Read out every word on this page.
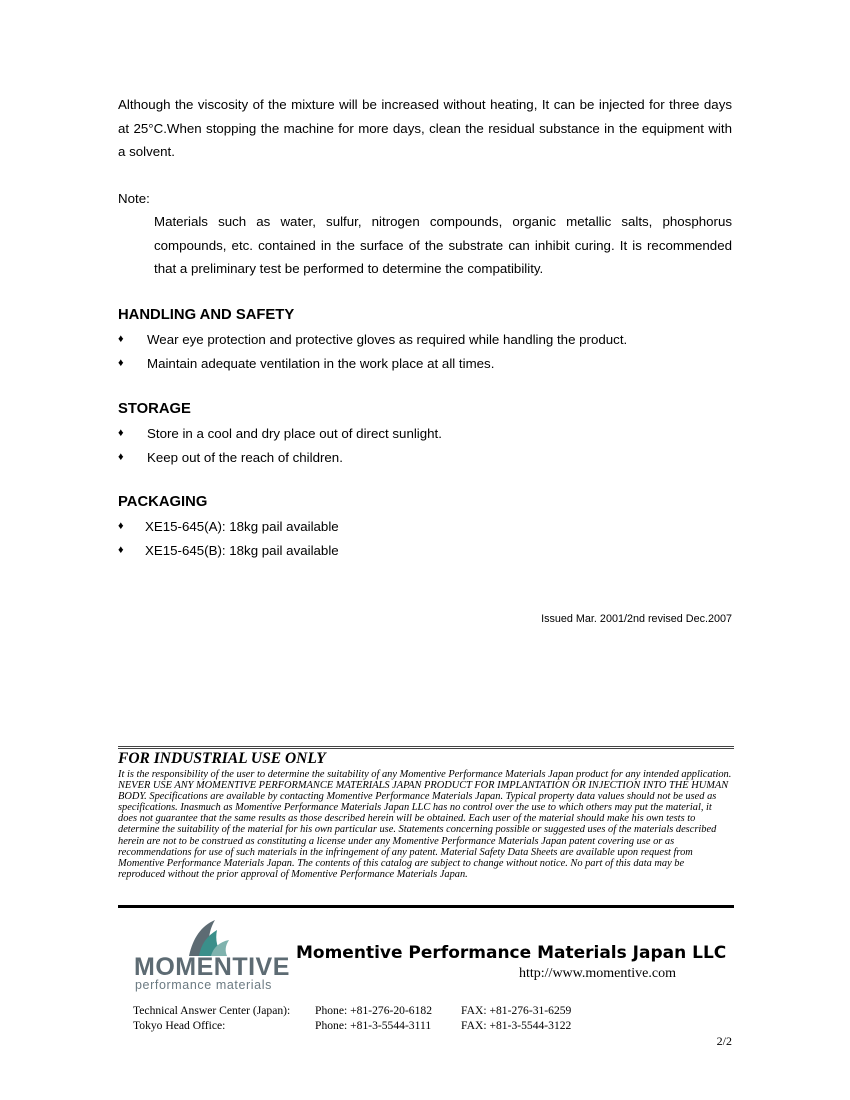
Although the viscosity of the mixture will be increased without heating, It can be injected for three days at 25°C.When stopping the machine for more days, clean the residual substance in the equipment with a solvent.

Note:

Materials such as water, sulfur, nitrogen compounds, organic metallic salts, phosphorus compounds, etc. contained in the surface of the substrate can inhibit curing. It is recommended that a preliminary test be performed to determine the compatibility.

HANDLING AND SAFETY
♦ Wear eye protection and protective gloves as required while handling the product.
♦ Maintain adequate ventilation in the work place at all times.
STORAGE
♦ Store in a cool and dry place out of direct sunlight.
♦ Keep out of the reach of children.
PACKAGING
♦ XE15-645(A): 18kg pail available
♦ XE15-645(B): 18kg pail available
Issued Mar. 2001/2nd revised Dec.2007
FOR INDUSTRIAL USE ONLY
It is the responsibility of the user to determine the suitability of any Momentive Performance Materials Japan product for any intended application. NEVER USE ANY MOMENTIVE PERFORMANCE MATERIALS JAPAN PRODUCT FOR IMPLANTATION OR INJECTION INTO THE HUMAN BODY. Specifications are available by contacting Momentive Performance Materials Japan. Typical property data values should not be used as specifications. Inasmuch as Momentive Performance Materials Japan LLC has no control over the use to which others may put the material, it does not guarantee that the same results as those described herein will be obtained. Each user of the material should make his own tests to determine the suitability of the material for his own particular use. Statements concerning possible or suggested uses of the materials described herein are not to be construed as constituting a license under any Momentive Performance Materials Japan patent covering use or as recommendations for use of such materials in the infringement of any patent. Material Safety Data Sheets are available upon request from Momentive Performance Materials Japan. The contents of this catalog are subject to change without notice. No part of this data may be reproduced without the prior approval of Momentive Performance Materials Japan.
MOMENTIVE
performance materials
Momentive Performance Materials Japan LLC
http://www.momentive.com
Technical Answer Center (Japan): Phone: +81-276-20-6182	FAX: +81-276-31-6259
Tokyo Head Office:	Phone: +81-3-5544-3111	FAX: +81-3-5544-3122
2/2
